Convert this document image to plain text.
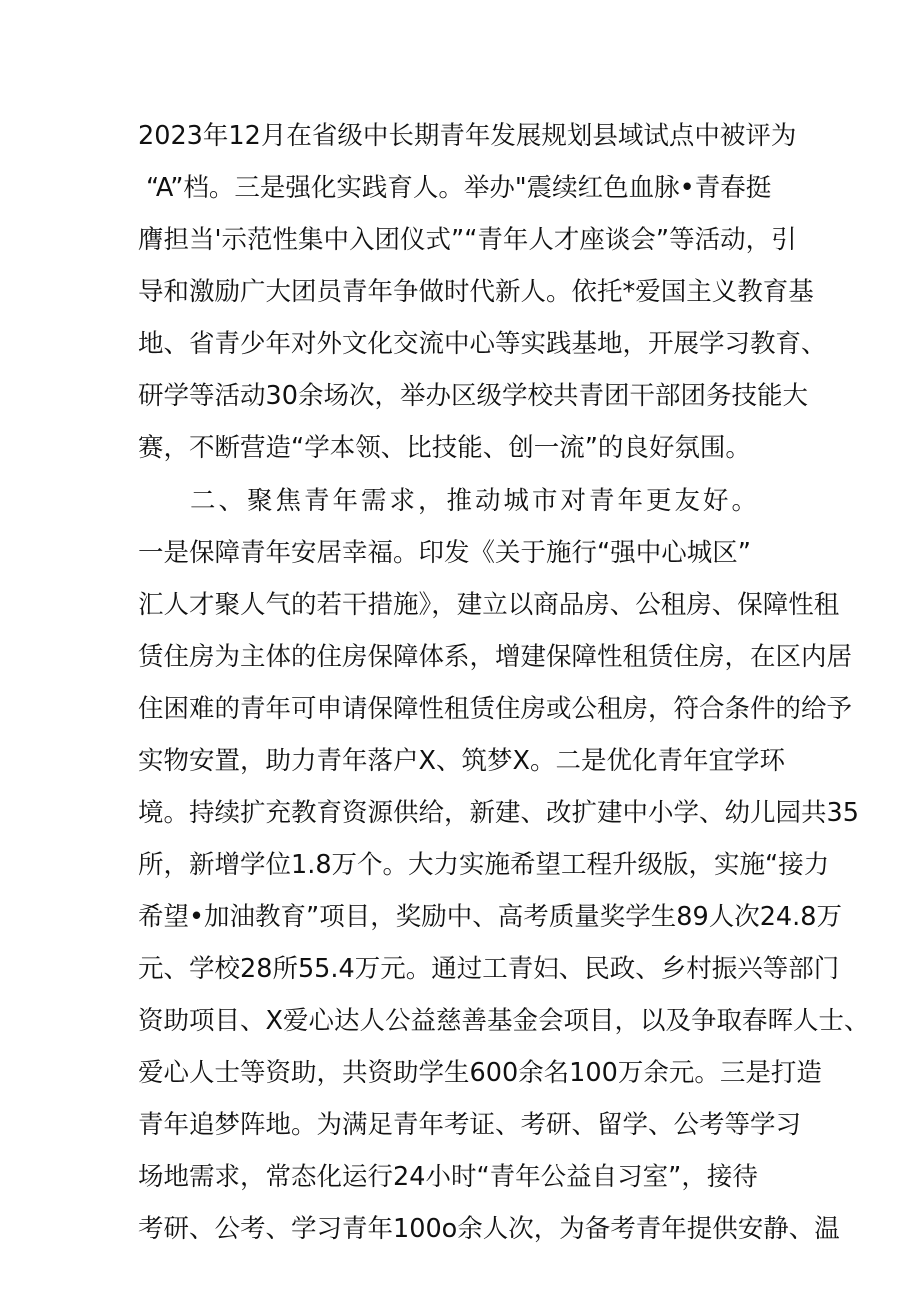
2023年12月在省级中长期青年发展规划县域试点中被评为
“A”档。三是强化实践育人。举办"震续红色血脉•青春挺
膺担当'示范性集中入团仪式”“青年人才座谈会”等活动，引
导和激励广大团员青年争做时代新人。依托*爱国主义教育基
地、省青少年对外文化交流中心等实践基地，开展学习教育、
研学等活动30余场次，举办区级学校共青团干部团务技能大
赛，不断营造“学本领、比技能、创一流”的良好氛围。
二、聚焦青年需求，推动城市对青年更友好。
一是保障青年安居幸福。印发《关于施行“强中心城区”
汇人才聚人气的若干措施》，建立以商品房、公租房、保障性租
赁住房为主体的住房保障体系，增建保障性租赁住房，在区内居
住困难的青年可申请保障性租赁住房或公租房，符合条件的给予
实物安置，助力青年落户X、筑梦X。二是优化青年宜学环
境。持续扩充教育资源供给，新建、改扩建中小学、幼儿园共35
所，新增学位1.8万个。大力实施希望工程升级版，实施“接力
希望•加油教育”项目，奖励中、高考质量奖学生89人次24.8万
元、学校28所55.4万元。通过工青妇、民政、乡村振兴等部门
资助项目、X爱心达人公益慈善基金会项目，以及争取春晖人士、
爱心人士等资助，共资助学生600余名100万余元。三是打造
青年追梦阵地。为满足青年考证、考研、留学、公考等学习
场地需求，常态化运行24小时“青年公益自习室”，接待
考研、公考、学习青年100o余人次，为备考青年提供安静、温
